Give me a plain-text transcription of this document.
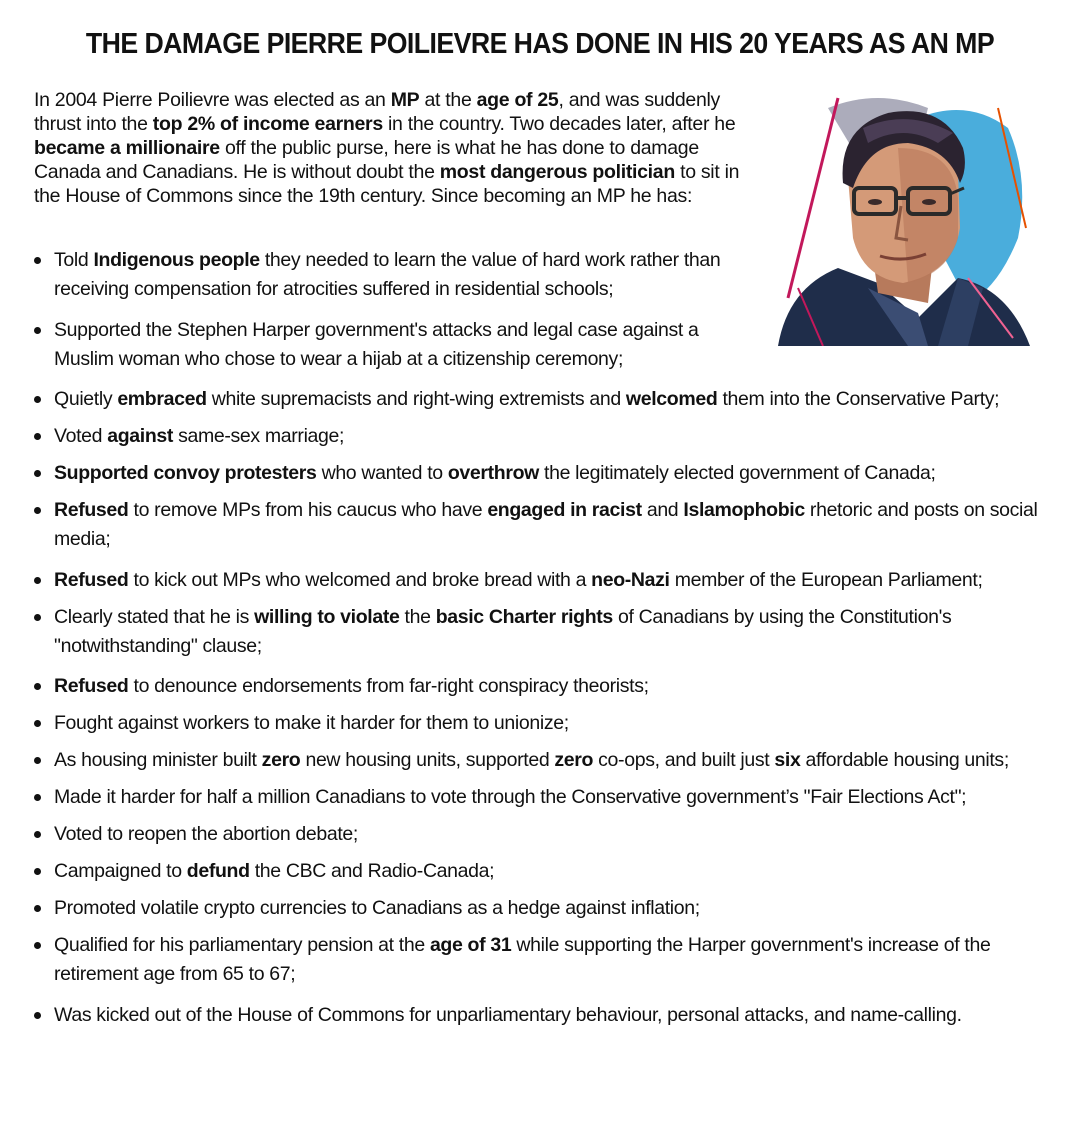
THE DAMAGE PIERRE POILIEVRE HAS DONE IN HIS 20 YEARS AS AN MP

In 2004 Pierre Poilievre was elected as an MP at the age of 25, and was suddenly thrust into the top 2% of income earners in the country. Two decades later, after he became a millionaire off the public purse, here is what he has done to damage Canada and Canadians. He is without doubt the most dangerous politician to sit in the House of Commons since the 19th century. Since becoming an MP he has:

Told Indigenous people they needed to learn the value of hard work rather than receiving compensation for atrocities suffered in residential schools;
Supported the Stephen Harper government's attacks and legal case against a Muslim woman who chose to wear a hijab at a citizenship ceremony;
Quietly embraced white supremacists and right-wing extremists and welcomed them into the Conservative Party;
Voted against same-sex marriage;
Supported convoy protesters who wanted to overthrow the legitimately elected government of Canada;
Refused to remove MPs from his caucus who have engaged in racist and Islamophobic rhetoric and posts on social media;
Refused to kick out MPs who welcomed and broke bread with a neo-Nazi member of the European Parliament;
Clearly stated that he is willing to violate the basic Charter rights of Canadians by using the Constitution's "notwithstanding" clause;
Refused to denounce endorsements from far-right conspiracy theorists;
Fought against workers to make it harder for them to unionize;
As housing minister built zero new housing units, supported zero co-ops, and built just six affordable housing units;
Made it harder for half a million Canadians to vote through the Conservative government’s "Fair Elections Act";
Voted to reopen the abortion debate;
Campaigned to defund the CBC and Radio-Canada;
Promoted volatile crypto currencies to Canadians as a hedge against inflation;
Qualified for his parliamentary pension at the age of 31 while supporting the Harper government's increase of the retirement age from 65 to 67;
Was kicked out of the House of Commons for unparliamentary behaviour, personal attacks, and name-calling.
